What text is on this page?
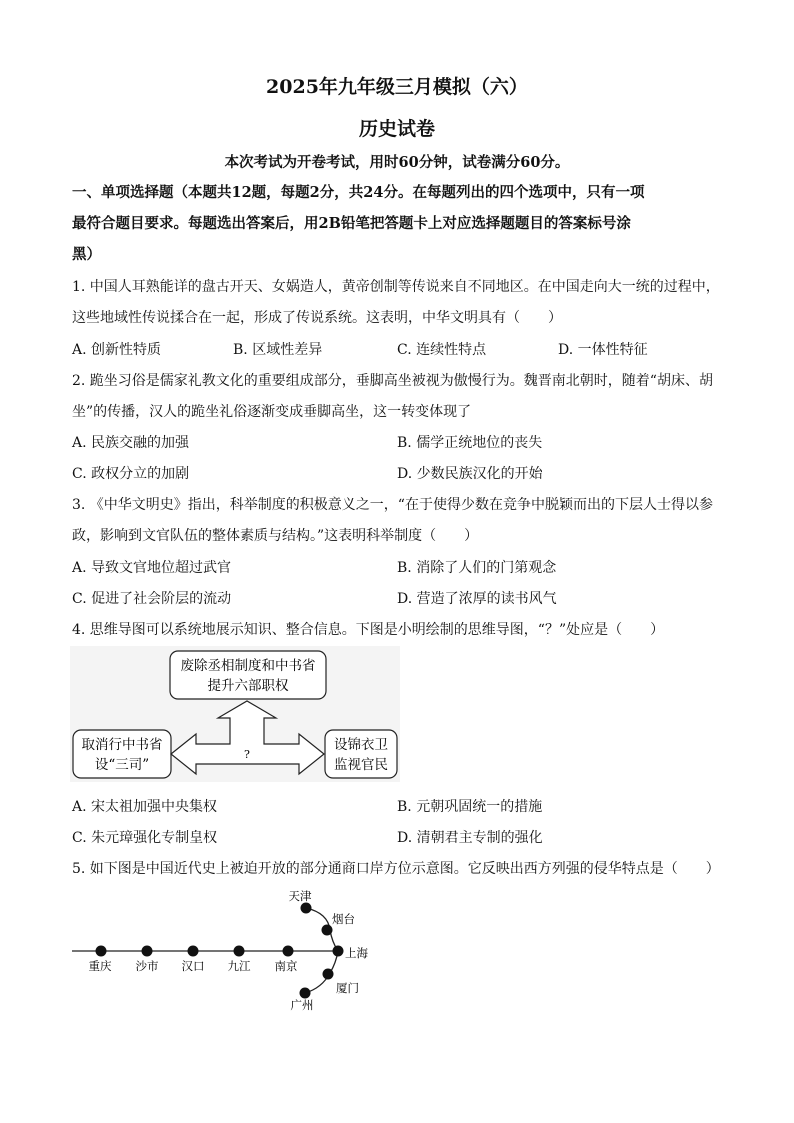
2025年九年级三月模拟（六）
历史试卷
本次考试为开卷考试，用时60分钟，试卷满分60分。
一、单项选择题（本题共12题，每题2分，共24分。在每题列出的四个选项中，只有一项
最符合题目要求。每题选出答案后，用2B铅笔把答题卡上对应选择题题目的答案标号涂
黑）
1. 中国人耳熟能详的盘古开天、女娲造人，黄帝创制等传说来自不同地区。在中国走向大一统的过程中，
这些地域性传说揉合在一起，形成了传说系统。这表明，中华文明具有（　　）
A. 创新性特质	B. 区域性差异	C. 连续性特点	D. 一体性特征
2. 跪坐习俗是儒家礼教文化的重要组成部分，垂脚高坐被视为傲慢行为。魏晋南北朝时，随着“胡床、胡
坐”的传播，汉人的跪坐礼俗逐渐变成垂脚高坐，这一转变体现了
A. 民族交融的加强	B. 儒学正统地位的丧失
C. 政权分立的加剧	D. 少数民族汉化的开始
3. 《中华文明史》指出，科举制度的积极意义之一，“在于使得少数在竞争中脱颖而出的下层人士得以参
政，影响到文官队伍的整体素质与结构。”这表明科举制度（　　）
A. 导致文官地位超过武官	B. 消除了人们的门第观念
C. 促进了社会阶层的流动	D. 营造了浓厚的读书风气
4. 思维导图可以系统地展示知识、整合信息。下图是小明绘制的思维导图，“？”处应是（　　）
废除丞相制度和中书省
提升六部职权
取消行中书省
设“三司”
设锦衣卫
监视官民
?
A. 宋太祖加强中央集权	B. 元朝巩固统一的措施
C. 朱元璋强化专制皇权	D. 清朝君主专制的强化
5. 如下图是中国近代史上被迫开放的部分通商口岸方位示意图。它反映出西方列强的侵华特点是（　　）
重庆 沙市 汉口 九江 南京
上海
天津
烟台
厦门
广州
